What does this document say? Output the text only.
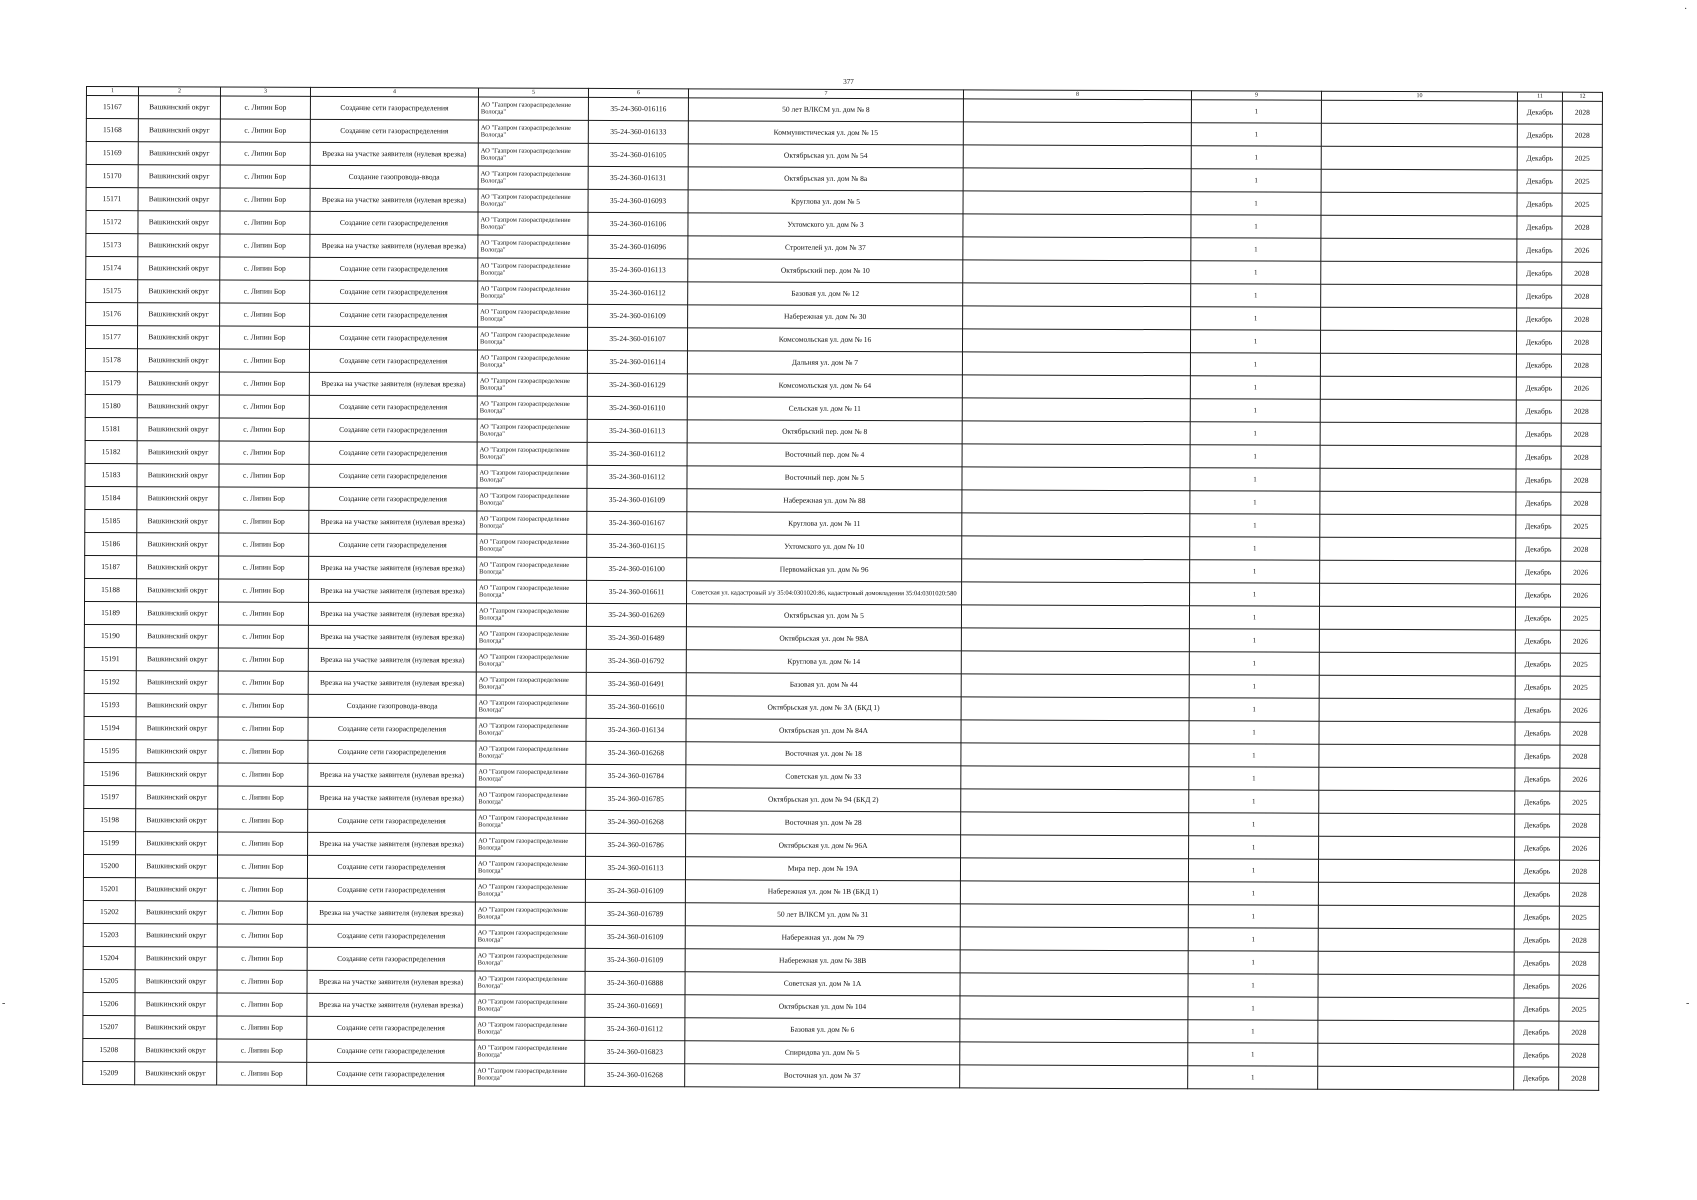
377
1	2	3	4	5	6	7	8	9	10	11	12
15167	Вашкинский округ	с. Липин Бор	Создание сети газораспределения	АО "Газпром газораспределение Вологда"	35-24-360-016116	50 лет ВЛКСМ ул. дом № 8		1		Декабрь	2028
15168	Вашкинский округ	с. Липин Бор	Создание сети газораспределения	АО "Газпром газораспределение Вологда"	35-24-360-016133	Коммунистическая ул. дом № 15		1		Декабрь	2028
15169	Вашкинский округ	с. Липин Бор	Врезка на участке заявителя (нулевая врезка)	АО "Газпром газораспределение Вологда"	35-24-360-016105	Октябрьская ул. дом № 54		1		Декабрь	2025
15170	Вашкинский округ	с. Липин Бор	Создание газопровода-ввода	АО "Газпром газораспределение Вологда"	35-24-360-016131	Октябрьская ул. дом № 8а		1		Декабрь	2025
15171	Вашкинский округ	с. Липин Бор	Врезка на участке заявителя (нулевая врезка)	АО "Газпром газораспределение Вологда"	35-24-360-016093	Круглова ул. дом № 5		1		Декабрь	2025
15172	Вашкинский округ	с. Липин Бор	Создание сети газораспределения	АО "Газпром газораспределение Вологда"	35-24-360-016106	Ухтомского ул. дом № 3		1		Декабрь	2028
15173	Вашкинский округ	с. Липин Бор	Врезка на участке заявителя (нулевая врезка)	АО "Газпром газораспределение Вологда"	35-24-360-016096	Строителей ул. дом № 37		1		Декабрь	2026
15174	Вашкинский округ	с. Липин Бор	Создание сети газораспределения	АО "Газпром газораспределение Вологда"	35-24-360-016113	Октябрьский пер. дом № 10		1		Декабрь	2028
15175	Вашкинский округ	с. Липин Бор	Создание сети газораспределения	АО "Газпром газораспределение Вологда"	35-24-360-016112	Базовая ул. дом № 12		1		Декабрь	2028
15176	Вашкинский округ	с. Липин Бор	Создание сети газораспределения	АО "Газпром газораспределение Вологда"	35-24-360-016109	Набережная ул. дом № 30		1		Декабрь	2028
15177	Вашкинский округ	с. Липин Бор	Создание сети газораспределения	АО "Газпром газораспределение Вологда"	35-24-360-016107	Комсомольская ул. дом № 16		1		Декабрь	2028
15178	Вашкинский округ	с. Липин Бор	Создание сети газораспределения	АО "Газпром газораспределение Вологда"	35-24-360-016114	Дальняя ул. дом № 7		1		Декабрь	2028
15179	Вашкинский округ	с. Липин Бор	Врезка на участке заявителя (нулевая врезка)	АО "Газпром газораспределение Вологда"	35-24-360-016129	Комсомольская ул. дом № 64		1		Декабрь	2026
15180	Вашкинский округ	с. Липин Бор	Создание сети газораспределения	АО "Газпром газораспределение Вологда"	35-24-360-016110	Сельская ул. дом № 11		1		Декабрь	2028
15181	Вашкинский округ	с. Липин Бор	Создание сети газораспределения	АО "Газпром газораспределение Вологда"	35-24-360-016113	Октябрьский пер. дом № 8		1		Декабрь	2028
15182	Вашкинский округ	с. Липин Бор	Создание сети газораспределения	АО "Газпром газораспределение Вологда"	35-24-360-016112	Восточный пер. дом № 4		1		Декабрь	2028
15183	Вашкинский округ	с. Липин Бор	Создание сети газораспределения	АО "Газпром газораспределение Вологда"	35-24-360-016112	Восточный пер. дом № 5		1		Декабрь	2028
15184	Вашкинский округ	с. Липин Бор	Создание сети газораспределения	АО "Газпром газораспределение Вологда"	35-24-360-016109	Набережная ул. дом № 88		1		Декабрь	2028
15185	Вашкинский округ	с. Липин Бор	Врезка на участке заявителя (нулевая врезка)	АО "Газпром газораспределение Вологда"	35-24-360-016167	Круглова ул. дом № 11		1		Декабрь	2025
15186	Вашкинский округ	с. Липин Бор	Создание сети газораспределения	АО "Газпром газораспределение Вологда"	35-24-360-016115	Ухтомского ул. дом № 10		1		Декабрь	2028
15187	Вашкинский округ	с. Липин Бор	Врезка на участке заявителя (нулевая врезка)	АО "Газпром газораспределение Вологда"	35-24-360-016100	Первомайская ул. дом № 96		1		Декабрь	2026
15188	Вашкинский округ	с. Липин Бор	Врезка на участке заявителя (нулевая врезка)	АО "Газпром газораспределение Вологда"	35-24-360-016611	Советская ул. кадастровый з/у 35:04:0301020:86, кадастровый домовладения 35:04:0301020:580		1		Декабрь	2026
15189	Вашкинский округ	с. Липин Бор	Врезка на участке заявителя (нулевая врезка)	АО "Газпром газораспределение Вологда"	35-24-360-016269	Октябрьская ул. дом № 5		1		Декабрь	2025
15190	Вашкинский округ	с. Липин Бор	Врезка на участке заявителя (нулевая врезка)	АО "Газпром газораспределение Вологда"	35-24-360-016489	Октябрьская ул. дом № 98А		1		Декабрь	2026
15191	Вашкинский округ	с. Липин Бор	Врезка на участке заявителя (нулевая врезка)	АО "Газпром газораспределение Вологда"	35-24-360-016792	Круглова ул. дом № 14		1		Декабрь	2025
15192	Вашкинский округ	с. Липин Бор	Врезка на участке заявителя (нулевая врезка)	АО "Газпром газораспределение Вологда"	35-24-360-016491	Базовая ул. дом № 44		1		Декабрь	2025
15193	Вашкинский округ	с. Липин Бор	Создание газопровода-ввода	АО "Газпром газораспределение Вологда"	35-24-360-016610	Октябрьская ул. дом № 3А (БКД 1)		1		Декабрь	2026
15194	Вашкинский округ	с. Липин Бор	Создание сети газораспределения	АО "Газпром газораспределение Вологда"	35-24-360-016134	Октябрьская ул. дом № 84А		1		Декабрь	2028
15195	Вашкинский округ	с. Липин Бор	Создание сети газораспределения	АО "Газпром газораспределение Вологда"	35-24-360-016268	Восточная ул. дом № 18		1		Декабрь	2028
15196	Вашкинский округ	с. Липин Бор	Врезка на участке заявителя (нулевая врезка)	АО "Газпром газораспределение Вологда"	35-24-360-016784	Советская ул. дом № 33		1		Декабрь	2026
15197	Вашкинский округ	с. Липин Бор	Врезка на участке заявителя (нулевая врезка)	АО "Газпром газораспределение Вологда"	35-24-360-016785	Октябрьская ул. дом № 94 (БКД 2)		1		Декабрь	2025
15198	Вашкинский округ	с. Липин Бор	Создание сети газораспределения	АО "Газпром газораспределение Вологда"	35-24-360-016268	Восточная ул. дом № 28		1		Декабрь	2028
15199	Вашкинский округ	с. Липин Бор	Врезка на участке заявителя (нулевая врезка)	АО "Газпром газораспределение Вологда"	35-24-360-016786	Октябрьская ул. дом № 96А		1		Декабрь	2026
15200	Вашкинский округ	с. Липин Бор	Создание сети газораспределения	АО "Газпром газораспределение Вологда"	35-24-360-016113	Мира пер. дом № 19А		1		Декабрь	2028
15201	Вашкинский округ	с. Липин Бор	Создание сети газораспределения	АО "Газпром газораспределение Вологда"	35-24-360-016109	Набережная ул. дом № 1В (БКД 1)		1		Декабрь	2028
15202	Вашкинский округ	с. Липин Бор	Врезка на участке заявителя (нулевая врезка)	АО "Газпром газораспределение Вологда"	35-24-360-016789	50 лет ВЛКСМ ул. дом № 31		1		Декабрь	2025
15203	Вашкинский округ	с. Липин Бор	Создание сети газораспределения	АО "Газпром газораспределение Вологда"	35-24-360-016109	Набережная ул. дом № 79		1		Декабрь	2028
15204	Вашкинский округ	с. Липин Бор	Создание сети газораспределения	АО "Газпром газораспределение Вологда"	35-24-360-016109	Набережная ул. дом № 38В		1		Декабрь	2028
15205	Вашкинский округ	с. Липин Бор	Врезка на участке заявителя (нулевая врезка)	АО "Газпром газораспределение Вологда"	35-24-360-016888	Советская ул. дом № 1А		1		Декабрь	2026
15206	Вашкинский округ	с. Липин Бор	Врезка на участке заявителя (нулевая врезка)	АО "Газпром газораспределение Вологда"	35-24-360-016691	Октябрьская ул. дом № 104		1		Декабрь	2025
15207	Вашкинский округ	с. Липин Бор	Создание сети газораспределения	АО "Газпром газораспределение Вологда"	35-24-360-016112	Базовая ул. дом № 6		1		Декабрь	2028
15208	Вашкинский округ	с. Липин Бор	Создание сети газораспределения	АО "Газпром газораспределение Вологда"	35-24-360-016823	Спиридова ул. дом № 5		1		Декабрь	2028
15209	Вашкинский округ	с. Липин Бор	Создание сети газораспределения	АО "Газпром газораспределение Вологда"	35-24-360-016268	Восточная ул. дом № 37		1		Декабрь	2028
-	-
·
